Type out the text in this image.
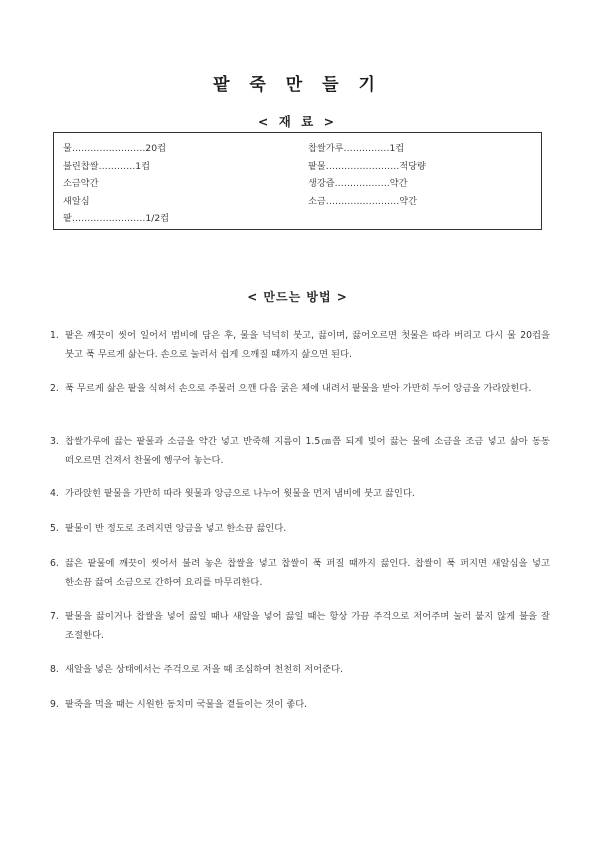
팥 죽 만 들 기
< 재 료 >
물……………………20컵
불린찹쌀…………1컵
소금약간
새알심
팥……………………1/2컵
찹쌀가루……………1컵
팥물……………………적당량
생강즙………………약간
소금……………………약간
< 만드는 방법 >
1. 팥은 깨끗이 씻어 일어서 범비에 담은 후, 물을 넉넉히 붓고, 끓이며, 끓어오르면 첫물은 따라 버리고 다시 물 20컵을 붓고 푹 무르게 삶는다. 손으로 눌러서 쉽게 으깨질 때까지 삶으면 된다.
2. 푹 무르게 삶은 팥을 식혀서 손으로 주물러 으깬 다음 굵은 체에 내려서 팥물을 받아 가만히 두어 앙금을 가라앉힌다.
3. 찹쌀가루에 끓는 팥물과 소금을 약간 넣고 반죽해 지름이 1.5㎝쯤 되게 빚어 끓는 물에 소금을 조금 넣고 삶아 동동 떠오르면 건져서 찬물에 헹구어 놓는다.
4. 가라앉힌 팥물을 가만히 따라 윗물과 앙금으로 나누어 윗물을 먼저 냄비에 붓고 끓인다.
5. 팥물이 반 정도로 조려지면 앙금을 넣고 한소끔 끓인다.
6. 끓은 팥물에 깨끗이 씻어서 불려 놓은 찹쌀을 넣고 찹쌀이 푹 퍼질 때까지 끓인다. 찹쌀이 푹 퍼지면 새알심을 넣고 한소끔 끓여 소금으로 간하여 요리를 마무리한다.
7. 팥물을 끓이거나 찹쌀을 넣어 끓일 때나 새알을 넣어 끓일 때는 항상 가끔 주걱으로 저어주며 눌러 붙지 않게 불을 잘 조절한다.
8. 새알을 넣은 상태에서는 주걱으로 저을 때 조심하여 천천히 저어준다.
9. 팥죽을 먹을 때는 시원한 동치미 국물을 곁들이는 것이 좋다.
